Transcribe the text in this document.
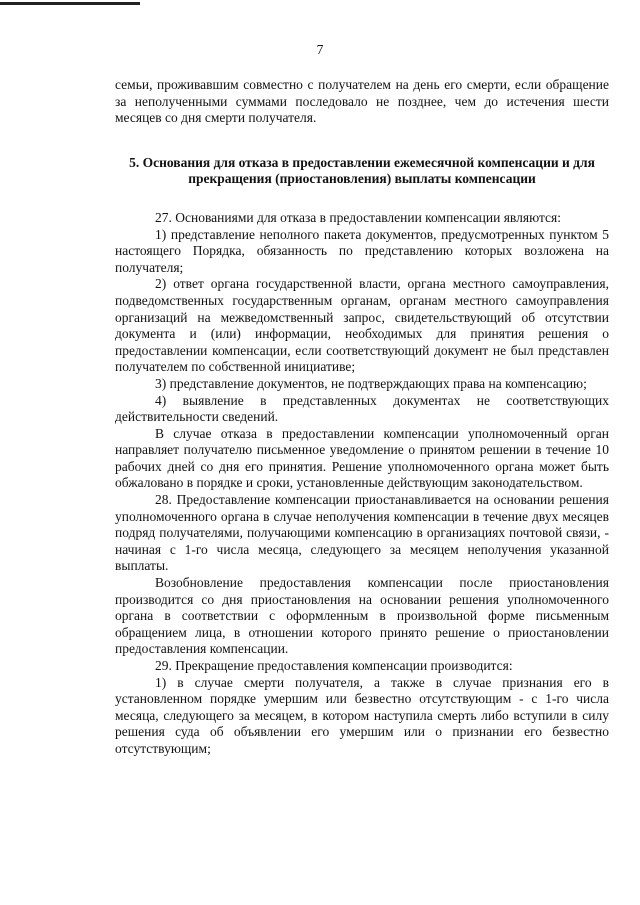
7

семьи, проживавшим совместно с получателем на день его смерти, если обращение за неполученными суммами последовало не позднее, чем до истечения шести месяцев со дня смерти получателя.

5. Основания для отказа в предоставлении ежемесячной компенсации и для прекращения (приостановления) выплаты компенсации

27. Основаниями для отказа в предоставлении компенсации являются:

1) представление неполного пакета документов, предусмотренных пунктом 5 настоящего Порядка, обязанность по представлению которых возложена на получателя;

2) ответ органа государственной власти, органа местного самоуправления, подведомственных государственным органам, органам местного самоуправления организаций на межведомственный запрос, свидетельствующий об отсутствии документа и (или) информации, необходимых для принятия решения о предоставлении компенсации, если соответствующий документ не был представлен получателем по собственной инициативе;

3) представление документов, не подтверждающих права на компенсацию;

4) выявление в представленных документах не соответствующих действительности сведений.

В случае отказа в предоставлении компенсации уполномоченный орган направляет получателю письменное уведомление о принятом решении в течение 10 рабочих дней со дня его принятия. Решение уполномоченного органа может быть обжаловано в порядке и сроки, установленные действующим законодательством.

28. Предоставление компенсации приостанавливается на основании решения уполномоченного органа в случае неполучения компенсации в течение двух месяцев подряд получателями, получающими компенсацию в организациях почтовой связи, - начиная с 1-го числа месяца, следующего за месяцем неполучения указанной выплаты.

Возобновление предоставления компенсации после приостановления производится со дня приостановления на основании решения уполномоченного органа в соответствии с оформленным в произвольной форме письменным обращением лица, в отношении которого принято решение о приостановлении предоставления компенсации.

29. Прекращение предоставления компенсации производится:

1) в случае смерти получателя, а также в случае признания его в установленном порядке умершим или безвестно отсутствующим - с 1-го числа месяца, следующего за месяцем, в котором наступила смерть либо вступили в силу решения суда об объявлении его умершим или о признании его безвестно отсутствующим;
